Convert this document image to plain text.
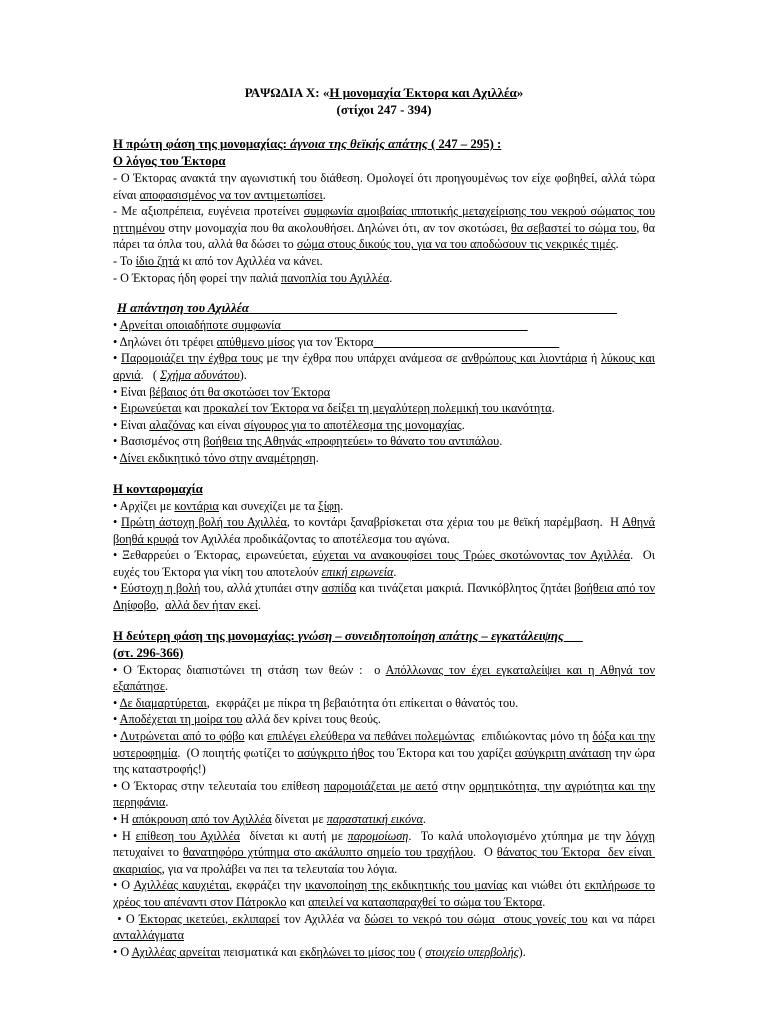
ΡΑΨΩΔΙΑ Χ: «Η μονομαχία Έκτορα και Αχιλλέα»
(στίχοι 247 - 394)
Η πρώτη φάση της μονομαχίας: άγνοια της θεϊκής απάτης ( 247 – 295) :
Ο λόγος του Έκτορα
- Ο Έκτορας ανακτά την αγωνιστική του διάθεση. Ομολογεί ότι προηγουμένως τον είχε φοβηθεί, αλλά τώρα είναι αποφασισμένος να τον αντιμετωπίσει.
- Με αξιοπρέπεια, ευγένεια προτείνει συμφωνία αμοιβαίας ιπποτικής μεταχείρισης του νεκρού σώματος του ηττημένου στην μονομαχία που θα ακολουθήσει. Δηλώνει ότι, αν τον σκοτώσει, θα σεβαστεί το σώμα του, θα πάρει τα όπλα του, αλλά θα δώσει το σώμα στους δικούς του, για να του αποδώσουν τις νεκρικές τιμές.
- Το ίδιο ζητά κι από τον Αχιλλέα να κάνει.
- Ο Έκτορας ήδη φορεί την παλιά πανοπλία του Αχιλλέα.
Η απάντηση του Αχιλλέα
• Αρνείται οποιαδήποτε συμφωνία
• Δηλώνει ότι τρέφει απύθμενο μίσος για τον Έκτορα
• Παρομοιάζει την έχθρα τους με την έχθρα που υπάρχει ανάμεσα σε ανθρώπους και λιοντάρια ή λύκους και αρνιά.   ( Σχήμα αδυνάτου).
• Είναι βέβαιος ότι θα σκοτώσει τον Έκτορα
• Ειρωνεύεται και προκαλεί τον Έκτορα να δείξει τη μεγαλύτερη πολεμική του ικανότητα.
• Είναι αλαζόνας και είναι σίγουρος για το αποτέλεσμα της μονομαχίας.
• Βασισμένος στη βοήθεια της Αθηνάς «προφητεύει» το θάνατο του αντιπάλου.
• Δίνει εκδικητικό τόνο στην αναμέτρηση.
Η κονταρομαχία
• Αρχίζει με κοντάρια και συνεχίζει με τα ξίφη.
• Πρώτη άστοχη βολή του Αχιλλέα, το κοντάρι ξαναβρίσκεται στα χέρια του με θεϊκή παρέμβαση.  Η Αθηνά βοηθά κρυφά τον Αχιλλέα προδικάζοντας το αποτέλεσμα του αγώνα.
• Ξεθαρρεύει ο Έκτορας, ειρωνεύεται, εύχεται να ανακουφίσει τους Τρώες σκοτώνοντας τον Αχιλλέα.  Οι ευχές του Έκτορα για νίκη του αποτελούν επική ειρωνεία.
• Εύστοχη η βολή του, αλλά χτυπάει στην ασπίδα και τινάζεται μακριά. Πανικόβλητος ζητάει βοήθεια από τον Δηίφοβο,  αλλά δεν ήταν εκεί.
Η δεύτερη φάση της μονομαχίας: γνώση – συνειδητοποίηση απάτης – εγκατάλειψης
(στ. 296-366)
• Ο Έκτορας διαπιστώνει τη στάση των θεών :  ο Απόλλωνας τον έχει εγκαταλείψει και η Αθηνά τον εξαπάτησε.
• Δε διαμαρτύρεται,  εκφράζει με πίκρα τη βεβαιότητα ότι επίκειται ο θάνατός του.
• Αποδέχεται τη μοίρα του αλλά δεν κρίνει τους θεούς.
• Λυτρώνεται από το φόβο και επιλέγει ελεύθερα να πεθάνει πολεμώντας  επιδιώκοντας μόνο τη δόξα και την υστεροφημία.  (Ο ποιητής φωτίζει το ασύγκριτο ήθος του Έκτορα και του χαρίζει ασύγκριτη ανάταση την ώρα της καταστροφής!)
• Ο Έκτορας στην τελευταία του επίθεση παρομοιάζεται με αετό στην ορμητικότητα, την αγριότητα και την περηφάνια.
• Η απόκρουση από τον Αχιλλέα δίνεται με παραστατική εικόνα.
• Η επίθεση του Αχιλλέα  δίνεται κι αυτή με παρομοίωση.  Το καλά υπολογισμένο χτύπημα με την λόγχη πετυχαίνει το θανατηφόρο χτύπημα στο ακάλυπτο σημείο του τραχήλου.  Ο θάνατος του Έκτορα  δεν είναι  ακαριαίος, για να προλάβει να πει τα τελευταία του λόγια.
• Ο Αχιλλέας καυχιέται, εκφράζει την ικανοποίηση της εκδικητικής του μανίας και νιώθει ότι εκπλήρωσε το χρέος του απέναντι στον Πάτροκλο και απειλεί να κατασπαραχθεί το σώμα του Έκτορα.
• Ο Έκτορας ικετεύει, εκλιπαρεί τον Αχιλλέα να δώσει το νεκρό του σώμα  στους γονείς του και να πάρει ανταλλάγματα
• Ο Αχιλλέας αρνείται πεισματικά και εκδηλώνει το μίσος του ( στοιχείο υπερβολής).
